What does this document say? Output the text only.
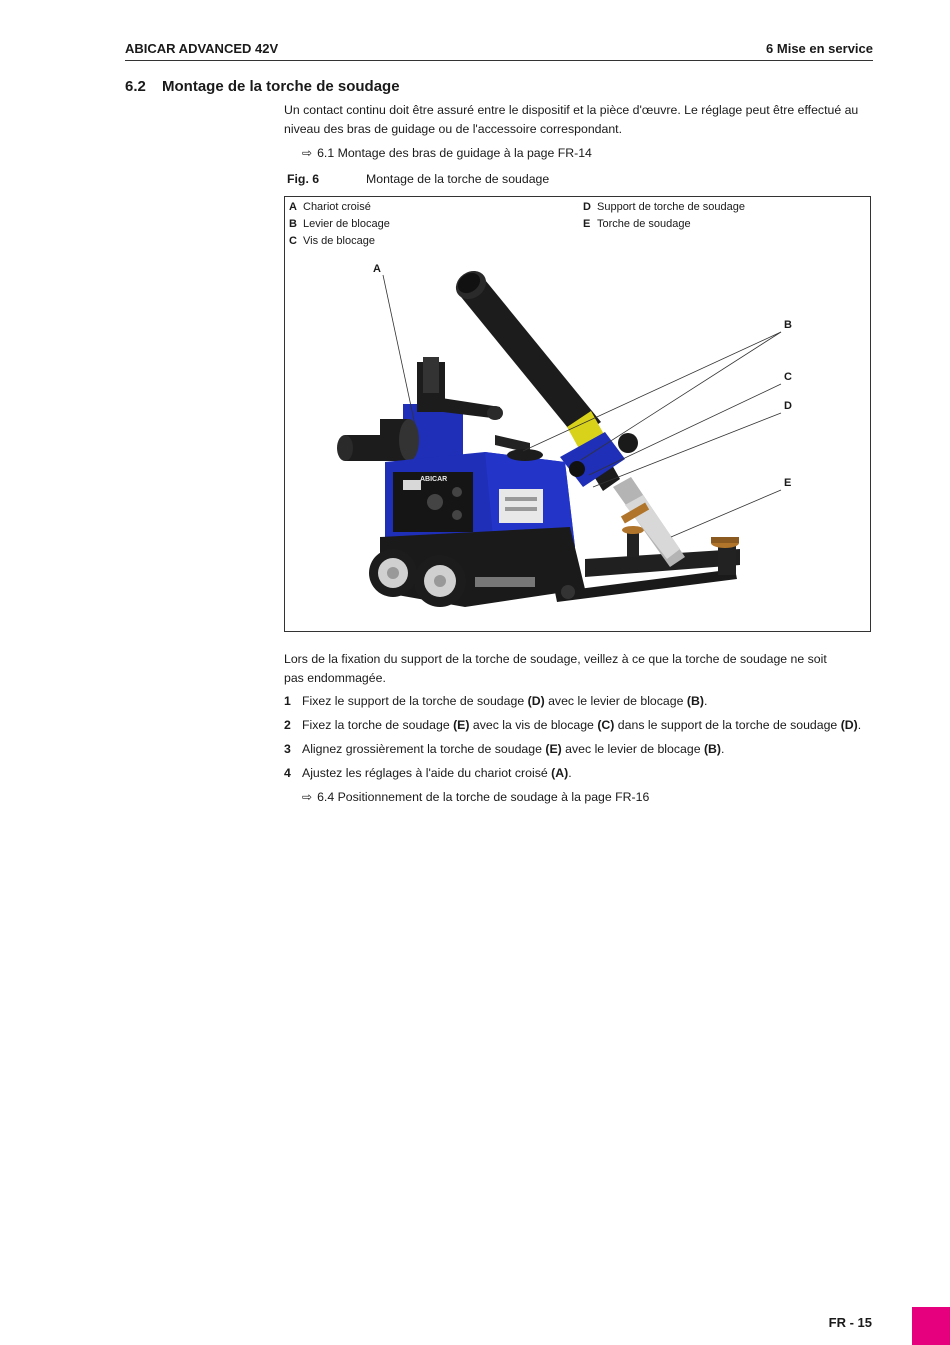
ABICAR ADVANCED 42V	6 Mise en service
6.2 Montage de la torche de soudage
Un contact continu doit être assuré entre le dispositif et la pièce d'œuvre. Le réglage peut être effectué au
niveau des bras de guidage ou de l'accessoire correspondant.
⇨ 6.1 Montage des bras de guidage à la page FR-14
Fig. 6	Montage de la torche de soudage
A Chariot croisé
B Levier de blocage
C Vis de blocage
D Support de torche de soudage
E Torche de soudage
ABICAR
A
B
C
D
E
Lors de la fixation du support de la torche de soudage, veillez à ce que la torche de soudage ne soit
pas endommagée.
1 Fixez le support de la torche de soudage (D) avec le levier de blocage (B).
2 Fixez la torche de soudage (E) avec la vis de blocage (C) dans le support de la torche de soudage (D).
3 Alignez grossièrement la torche de soudage (E) avec le levier de blocage (B).
4 Ajustez les réglages à l'aide du chariot croisé (A).
⇨ 6.4 Positionnement de la torche de soudage à la page FR-16
FR - 15
